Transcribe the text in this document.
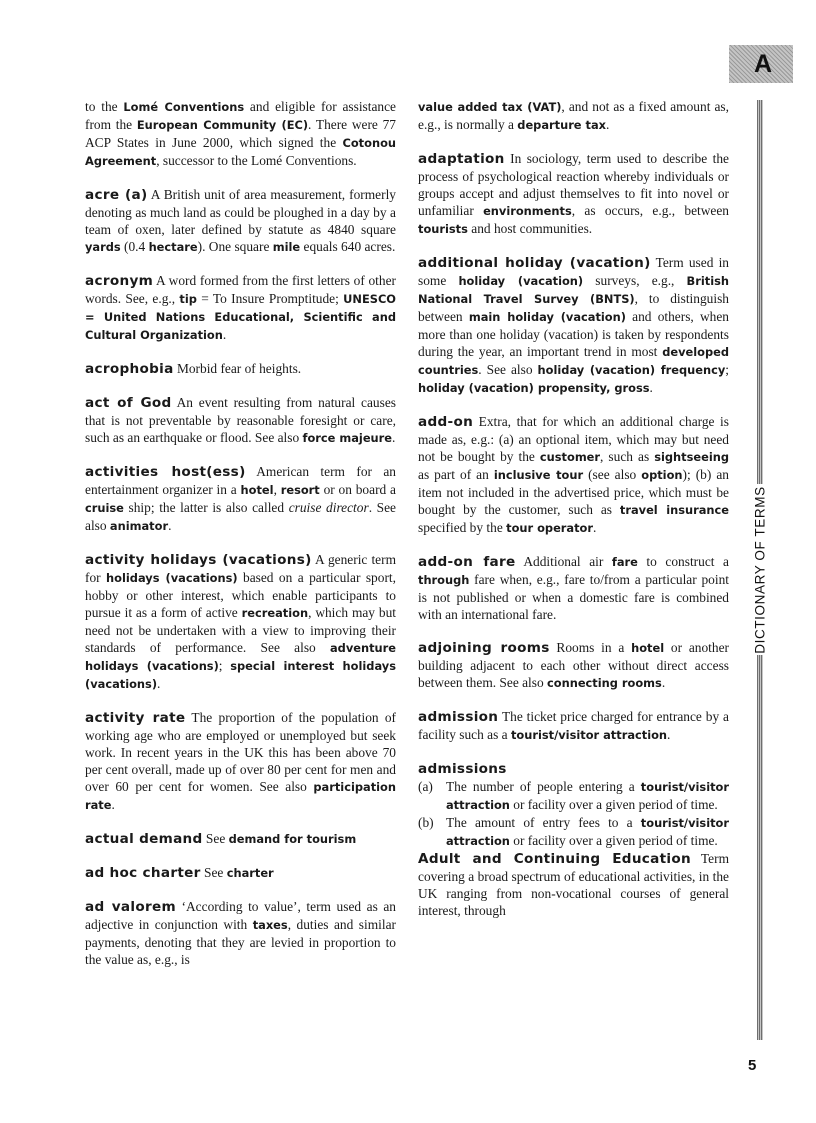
A
DICTIONARY OF TERMS
5

to the Lomé Conventions and eligible for assistance from the European Community (EC). There were 77 ACP States in June 2000, which signed the Cotonou Agreement, successor to the Lomé Conventions.

acre (a) A British unit of area measurement, formerly denoting as much land as could be ploughed in a day by a team of oxen, later defined by statute as 4840 square yards (0.4 hectare). One square mile equals 640 acres.

acronym A word formed from the first letters of other words. See, e.g., tip = To Insure Promptitude; UNESCO = United Nations Educational, Scientific and Cultural Organization.

acrophobia Morbid fear of heights.

act of God An event resulting from natural causes that is not preventable by reasonable foresight or care, such as an earthquake or flood. See also force majeure.

activities host(ess) American term for an entertainment organizer in a hotel, resort or on board a cruise ship; the latter is also called cruise director. See also animator.

activity holidays (vacations) A generic term for holidays (vacations) based on a particular sport, hobby or other interest, which enable participants to pursue it as a form of active recreation, which may but need not be undertaken with a view to improving their standards of performance. See also adventure holidays (vacations); special interest holidays (vacations).

activity rate The proportion of the population of working age who are employed or unemployed but seek work. In recent years in the UK this has been above 70 per cent overall, made up of over 80 per cent for men and over 60 per cent for women. See also participation rate.

actual demand See demand for tourism

ad hoc charter See charter

ad valorem ‘According to value’, term used as an adjective in conjunction with taxes, duties and similar payments, denoting that they are levied in proportion to the value as, e.g., is

value added tax (VAT), and not as a fixed amount as, e.g., is normally a departure tax.

adaptation In sociology, term used to describe the process of psychological reaction whereby individuals or groups accept and adjust themselves to fit into novel or unfamiliar environments, as occurs, e.g., between tourists and host communities.

additional holiday (vacation) Term used in some holiday (vacation) surveys, e.g., British National Travel Survey (BNTS), to distinguish between main holiday (vacation) and others, when more than one holiday (vacation) is taken by respondents during the year, an important trend in most developed countries. See also holiday (vacation) frequency; holiday (vacation) propensity, gross.

add-on Extra, that for which an additional charge is made as, e.g.: (a) an optional item, which may but need not be bought by the customer, such as sightseeing as part of an inclusive tour (see also option); (b) an item not included in the advertised price, which must be bought by the customer, such as travel insurance specified by the tour operator.

add-on fare Additional air fare to construct a through fare when, e.g., fare to/from a particular point is not published or when a domestic fare is combined with an international fare.

adjoining rooms Rooms in a hotel or another building adjacent to each other without direct access between them. See also connecting rooms.

admission The ticket price charged for entrance by a facility such as a tourist/visitor attraction.

admissions

(a) The number of people entering a tourist/visitor attraction or facility over a given period of time.
(b) The amount of entry fees to a tourist/visitor attraction or facility over a given period of time.

Adult and Continuing Education Term covering a broad spectrum of educational activities, in the UK ranging from non-vocational courses of general interest, through
